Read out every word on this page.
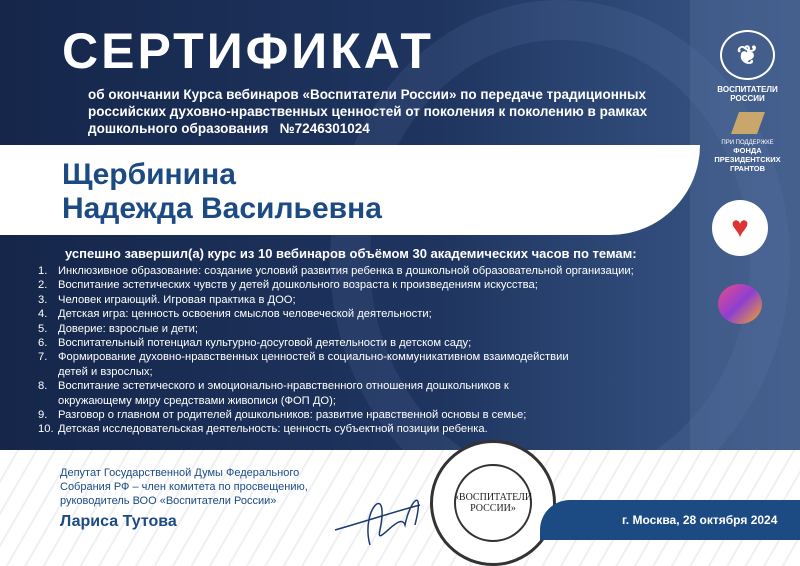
СЕРТИФИКАТ
об окончании Курса вебинаров «Воспитатели России» по передаче традиционных российских духовно-нравственных ценностей от поколения к поколению в рамках дошкольного образования №7246301024
Щербинина
Надежда Васильевна
успешно завершил(а) курс из 10 вебинаров объёмом 30 академических часов по темам:
1. Инклюзивное образование: создание условий развития ребенка в дошкольной образовательной организации;
2. Воспитание эстетических чувств у детей дошкольного возраста к произведениям искусства;
3. Человек играющий. Игровая практика в ДОО;
4. Детская игра: ценность освоения смыслов человеческой деятельности;
5. Доверие: взрослые и дети;
6. Воспитательный потенциал культурно-досуговой деятельности в детском саду;
7. Формирование духовно-нравственных ценностей в социально-коммуникативном взаимодействии детей и взрослых;
8. Воспитание эстетического и эмоционально-нравственного отношения дошкольников к окружающему миру средствами живописи (ФОП ДО);
9. Разговор о главном от родителей дошкольников: развитие нравственной основы в семье;
10. Детская исследовательская деятельность: ценность субъектной позиции ребенка.
❦
ВОСПИТАТЕЛИ РОССИИ
ПРИ ПОДДЕРЖКЕ
ФОНДА ПРЕЗИДЕНТСКИХ ГРАНТОВ
♥
Депутат Государственной Думы Федерального Собрания РФ – член комитета по просвещению, руководитель ВОО «Воспитатели России»
Лариса Тутова
«ВОСПИТАТЕЛИ РОССИИ»
г. Москва, 28 октября 2024
